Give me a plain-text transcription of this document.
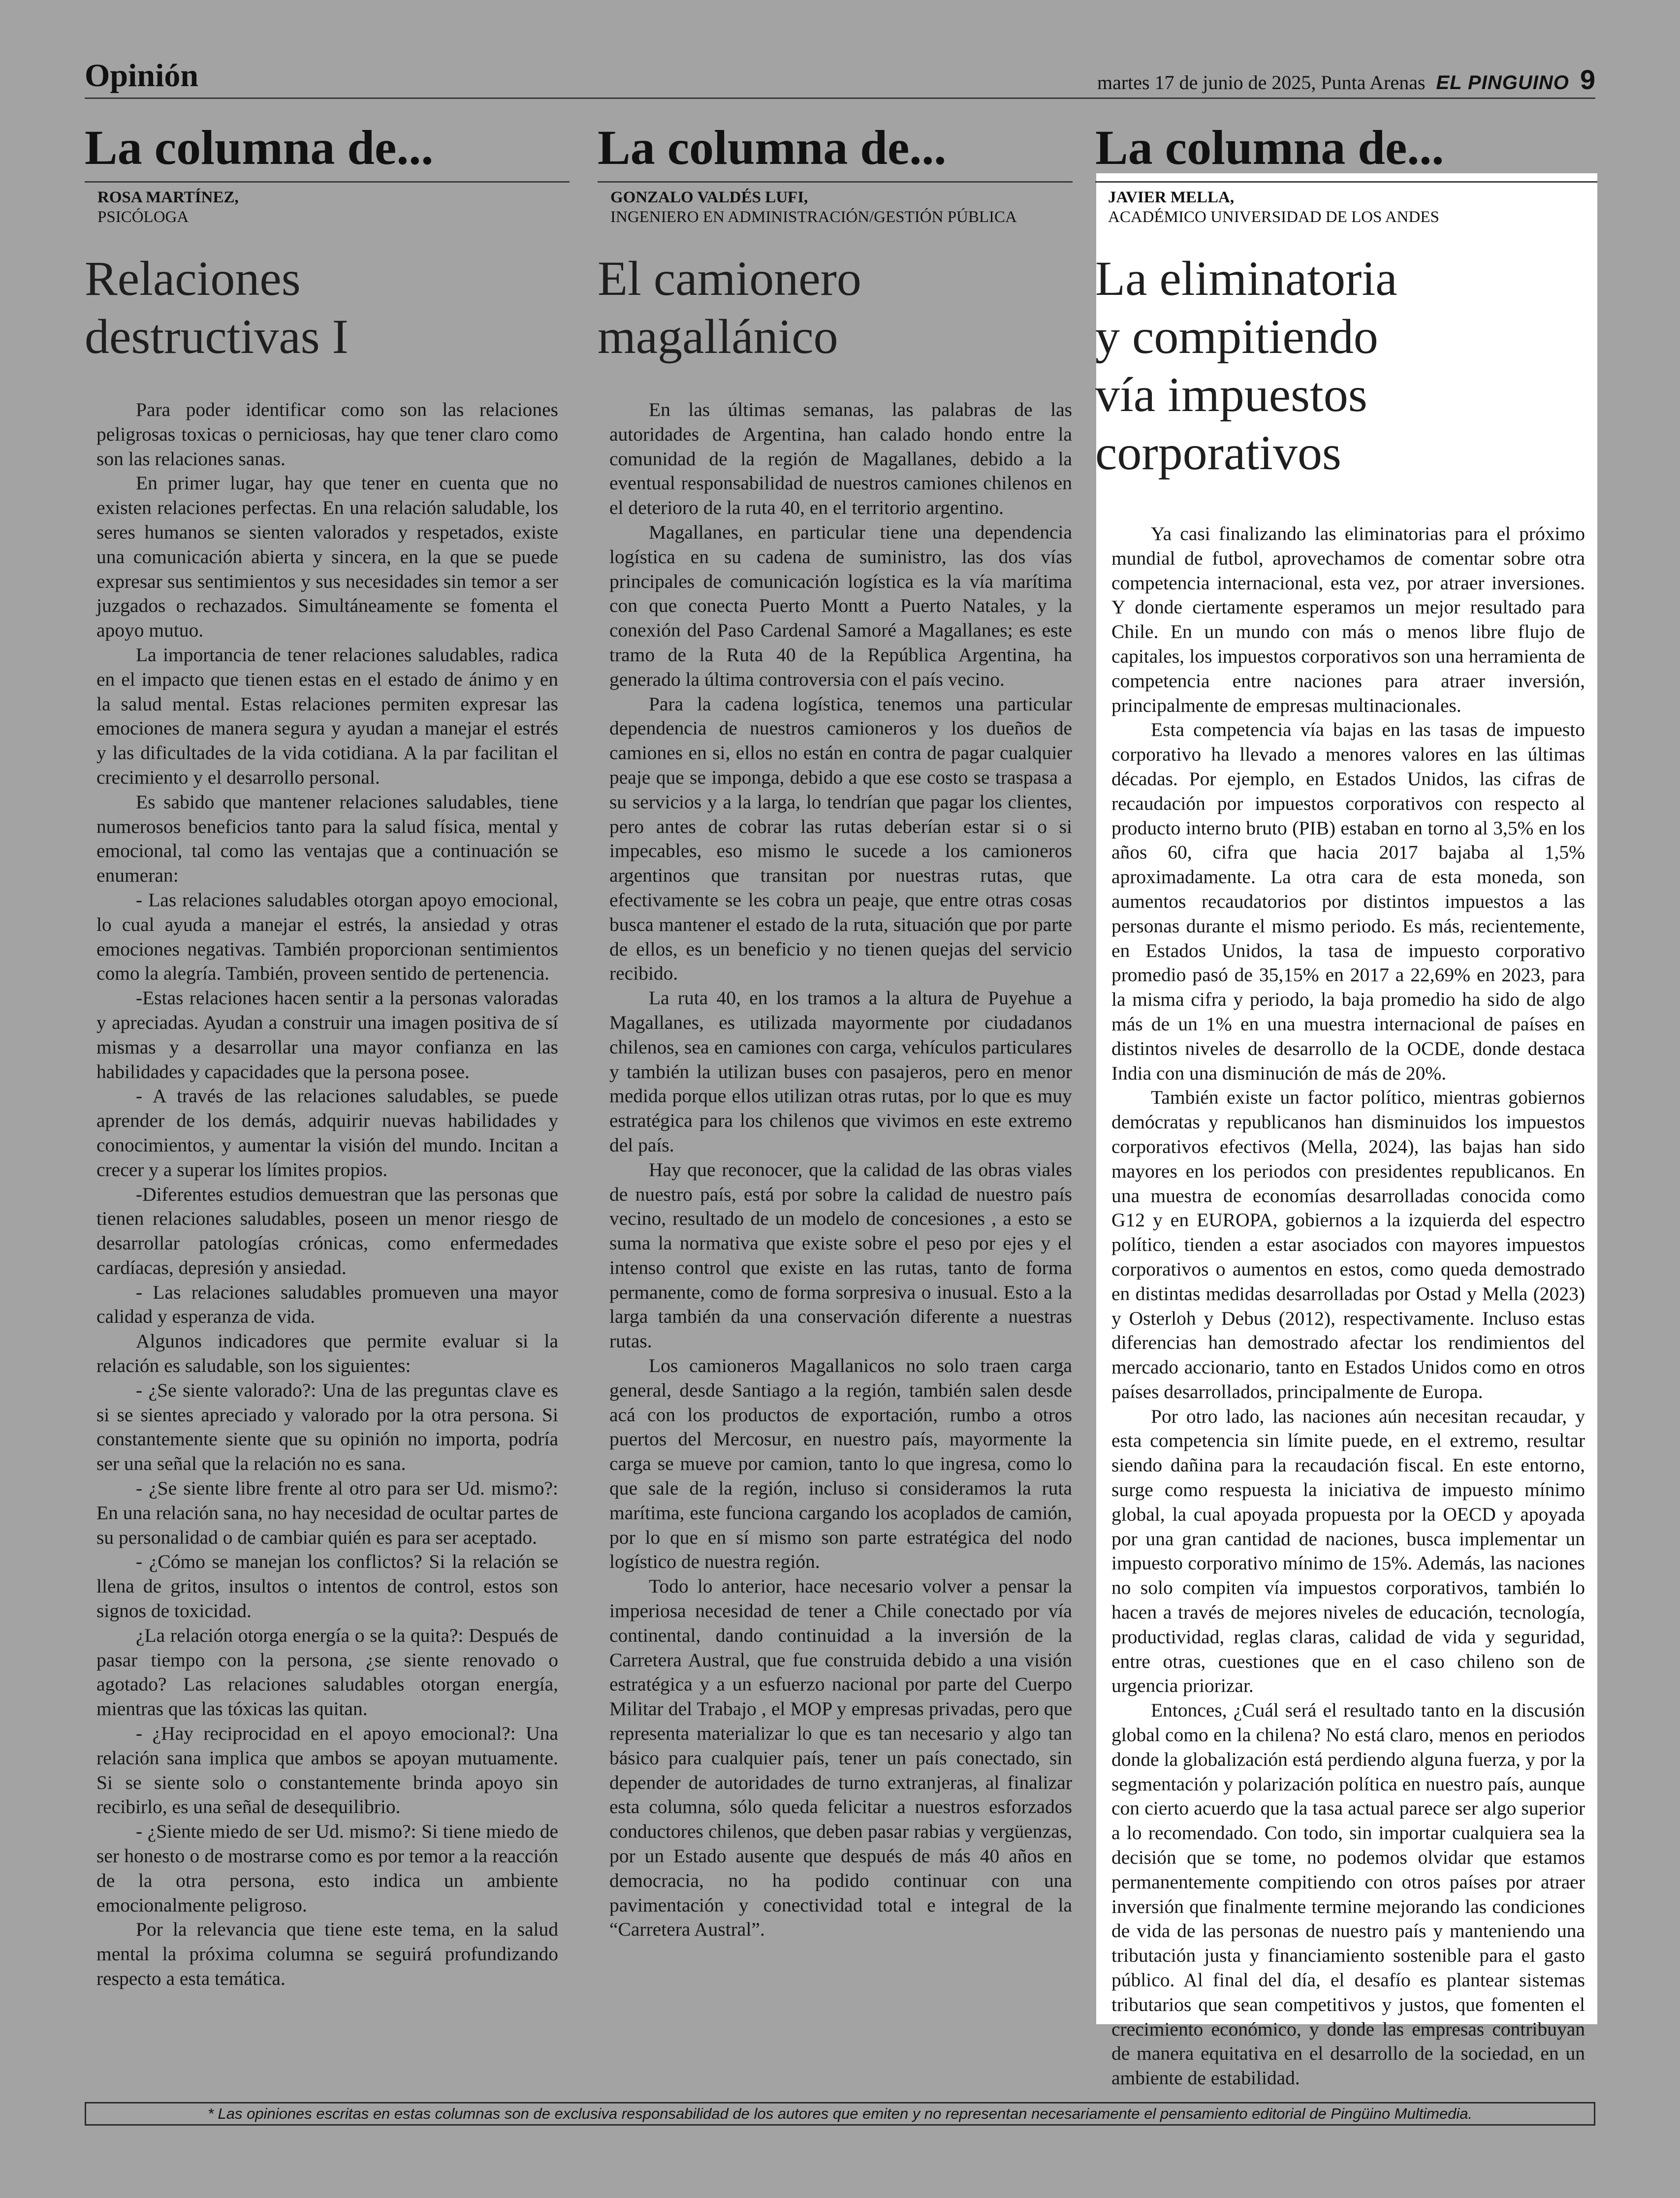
Opinión	martes 17 de junio de 2025, Punta Arenas EL PINGUINO 9
La columna de...
ROSA MARTÍNEZ,
PSICÓLOGA
Relaciones
destructivas I

Para poder identificar como son las relaciones peligrosas toxicas o perniciosas, hay que tener claro como son las relaciones sanas.

En primer lugar, hay que tener en cuenta que no existen relaciones perfectas. En una relación saludable, los seres humanos se sienten valorados y respetados, existe una comunicación abierta y sincera, en la que se puede expresar sus sentimientos y sus necesidades sin temor a ser juzgados o rechazados. Simultáneamente se fomenta el apoyo mutuo.

La importancia de tener relaciones saludables, radica en el impacto que tienen estas en el estado de ánimo y en la salud mental. Estas relaciones permiten expresar las emociones de manera segura y ayudan a manejar el estrés y las dificultades de la vida cotidiana. A la par facilitan el crecimiento y el desarrollo personal.

Es sabido que mantener relaciones saludables, tiene numerosos beneficios tanto para la salud física, mental y emocional, tal como las ventajas que a continuación se enumeran:

- Las relaciones saludables otorgan apoyo emocional, lo cual ayuda a manejar el estrés, la ansiedad y otras emociones negativas. También proporcionan sentimientos como la alegría. También, proveen sentido de pertenencia.

-Estas relaciones hacen sentir a la personas valoradas y apreciadas. Ayudan a construir una imagen positiva de sí mismas y a desarrollar una mayor confianza en las habilidades y capacidades que la persona posee.

- A través de las relaciones saludables, se puede aprender de los demás, adquirir nuevas habilidades y conocimientos, y aumentar la visión del mundo. Incitan a crecer y a superar los límites propios.

-Diferentes estudios demuestran que las personas que tienen relaciones saludables, poseen un menor riesgo de desarrollar patologías crónicas, como enfermedades cardíacas, depresión y ansiedad.

- Las relaciones saludables promueven una mayor calidad y esperanza de vida.

Algunos indicadores que permite evaluar si la relación es saludable, son los siguientes:

- ¿Se siente valorado?: Una de las preguntas clave es si se sientes apreciado y valorado por la otra persona. Si constantemente siente que su opinión no importa, podría ser una señal que la relación no es sana.

- ¿Se siente libre frente al otro para ser Ud. mismo?: En una relación sana, no hay necesidad de ocultar partes de su personalidad o de cambiar quién es para ser aceptado.

- ¿Cómo se manejan los conflictos? Si la relación se llena de gritos, insultos o intentos de control, estos son signos de toxicidad.

¿La relación otorga energía o se la quita?: Después de pasar tiempo con la persona, ¿se siente renovado o agotado? Las relaciones saludables otorgan energía, mientras que las tóxicas las quitan.

- ¿Hay reciprocidad en el apoyo emocional?: Una relación sana implica que ambos se apoyan mutuamente. Si se siente solo o constantemente brinda apoyo sin recibirlo, es una señal de desequilibrio.

- ¿Siente miedo de ser Ud. mismo?: Si tiene miedo de ser honesto o de mostrarse como es por temor a la reacción de la otra persona, esto indica un ambiente emocionalmente peligroso.

Por la relevancia que tiene este tema, en la salud mental la próxima columna se seguirá profundizando respecto a esta temática.

La columna de...
GONZALO VALDÉS LUFI,
INGENIERO EN ADMINISTRACIÓN/GESTIÓN PÚBLICA
El camionero
magallánico

En las últimas semanas, las palabras de las autoridades de Argentina, han calado hondo entre la comunidad de la región de Magallanes, debido a la eventual responsabilidad de nuestros camiones chilenos en el deterioro de la ruta 40, en el territorio argentino.

Magallanes, en particular tiene una dependencia logística en su cadena de suministro, las dos vías principales de comunicación logística es la vía marítima con que conecta Puerto Montt a Puerto Natales, y la conexión del Paso Cardenal Samoré a Magallanes; es este tramo de la Ruta 40 de la República Argentina, ha generado la última controversia con el país vecino.

Para la cadena logística, tenemos una particular dependencia de nuestros camioneros y los dueños de camiones en si, ellos no están en contra de pagar cualquier peaje que se imponga, debido a que ese costo se traspasa a su servicios y a la larga, lo tendrían que pagar los clientes, pero antes de cobrar las rutas deberían estar si o si impecables, eso mismo le sucede a los camioneros argentinos que transitan por nuestras rutas, que efectivamente se les cobra un peaje, que entre otras cosas busca mantener el estado de la ruta, situación que por parte de ellos, es un beneficio y no tienen quejas del servicio recibido.

La ruta 40, en los tramos a la altura de Puyehue a Magallanes, es utilizada mayormente por ciudadanos chilenos, sea en camiones con carga, vehículos particulares y también la utilizan buses con pasajeros, pero en menor medida porque ellos utilizan otras rutas, por lo que es muy estratégica para los chilenos que vivimos en este extremo del país.

Hay que reconocer, que la calidad de las obras viales de nuestro país, está por sobre la calidad de nuestro país vecino, resultado de un modelo de concesiones , a esto se suma la normativa que existe sobre el peso por ejes y el intenso control que existe en las rutas, tanto de forma permanente, como de forma sorpresiva o inusual. Esto a la larga también da una conservación diferente a nuestras rutas.

Los camioneros Magallanicos no solo traen carga general, desde Santiago a la región, también salen desde acá con los productos de exportación, rumbo a otros puertos del Mercosur, en nuestro país, mayormente la carga se mueve por camion, tanto lo que ingresa, como lo que sale de la región, incluso si consideramos la ruta marítima, este funciona cargando los acoplados de camión, por lo que en sí mismo son parte estratégica del nodo logístico de nuestra región.

Todo lo anterior, hace necesario volver a pensar la imperiosa necesidad de tener a Chile conectado por vía continental, dando continuidad a la inversión de la Carretera Austral, que fue construida debido a una visión estratégica y a un esfuerzo nacional por parte del Cuerpo Militar del Trabajo , el MOP y empresas privadas, pero que representa materializar lo que es tan necesario y algo tan básico para cualquier país, tener un país conectado, sin depender de autoridades de turno extranjeras, al finalizar esta columna, sólo queda felicitar a nuestros esforzados conductores chilenos, que deben pasar rabias y vergüenzas, por un Estado ausente que después de más 40 años en democracia, no ha podido continuar con una pavimentación y conectividad total e integral de la “Carretera Austral”.

La columna de...
JAVIER MELLA,
ACADÉMICO UNIVERSIDAD DE LOS ANDES
La eliminatoria
y compitiendo
vía impuestos
corporativos

Ya casi finalizando las eliminatorias para el próximo mundial de futbol, aprovechamos de comentar sobre otra competencia internacional, esta vez, por atraer inversiones. Y donde ciertamente esperamos un mejor resultado para Chile. En un mundo con más o menos libre flujo de capitales, los impuestos corporativos son una herramienta de competencia entre naciones para atraer inversión, principalmente de empresas multinacionales.

Esta competencia vía bajas en las tasas de impuesto corporativo ha llevado a menores valores en las últimas décadas. Por ejemplo, en Estados Unidos, las cifras de recaudación por impuestos corporativos con respecto al producto interno bruto (PIB) estaban en torno al 3,5% en los años 60, cifra que hacia 2017 bajaba al 1,5% aproximadamente. La otra cara de esta moneda, son aumentos recaudatorios por distintos impuestos a las personas durante el mismo periodo. Es más, recientemente, en Estados Unidos, la tasa de impuesto corporativo promedio pasó de 35,15% en 2017 a 22,69% en 2023, para la misma cifra y periodo, la baja promedio ha sido de algo más de un 1% en una muestra internacional de países en distintos niveles de desarrollo de la OCDE, donde destaca India con una disminución de más de 20%.

También existe un factor político, mientras gobiernos demócratas y republicanos han disminuidos los impuestos corporativos efectivos (Mella, 2024), las bajas han sido mayores en los periodos con presidentes republicanos. En una muestra de economías desarrolladas conocida como G12 y en EUROPA, gobiernos a la izquierda del espectro político, tienden a estar asociados con mayores impuestos corporativos o aumentos en estos, como queda demostrado en distintas medidas desarrolladas por Ostad y Mella (2023) y Osterloh y Debus (2012), respectivamente. Incluso estas diferencias han demostrado afectar los rendimientos del mercado accionario, tanto en Estados Unidos como en otros países desarrollados, principalmente de Europa.

Por otro lado, las naciones aún necesitan recaudar, y esta competencia sin límite puede, en el extremo, resultar siendo dañina para la recaudación fiscal. En este entorno, surge como respuesta la iniciativa de impuesto mínimo global, la cual apoyada propuesta por la OECD y apoyada por una gran cantidad de naciones, busca implementar un impuesto corporativo mínimo de 15%. Además, las naciones no solo compiten vía impuestos corporativos, también lo hacen a través de mejores niveles de educación, tecnología, productividad, reglas claras, calidad de vida y seguridad, entre otras, cuestiones que en el caso chileno son de urgencia priorizar.

Entonces, ¿Cuál será el resultado tanto en la discusión global como en la chilena? No está claro, menos en periodos donde la globalización está perdiendo alguna fuerza, y por la segmentación y polarización política en nuestro país, aunque con cierto acuerdo que la tasa actual parece ser algo superior a lo recomendado. Con todo, sin importar cualquiera sea la decisión que se tome, no podemos olvidar que estamos permanentemente compitiendo con otros países por atraer inversión que finalmente termine mejorando las condiciones de vida de las personas de nuestro país y manteniendo una tributación justa y financiamiento sostenible para el gasto público. Al final del día, el desafío es plantear sistemas tributarios que sean competitivos y justos, que fomenten el crecimiento económico, y donde las empresas contribuyan de manera equitativa en el desarrollo de la sociedad, en un ambiente de estabilidad.

* Las opiniones escritas en estas columnas son de exclusiva responsabilidad de los autores que emiten y no representan necesariamente el pensamiento editorial de Pingüino Multimedia.
